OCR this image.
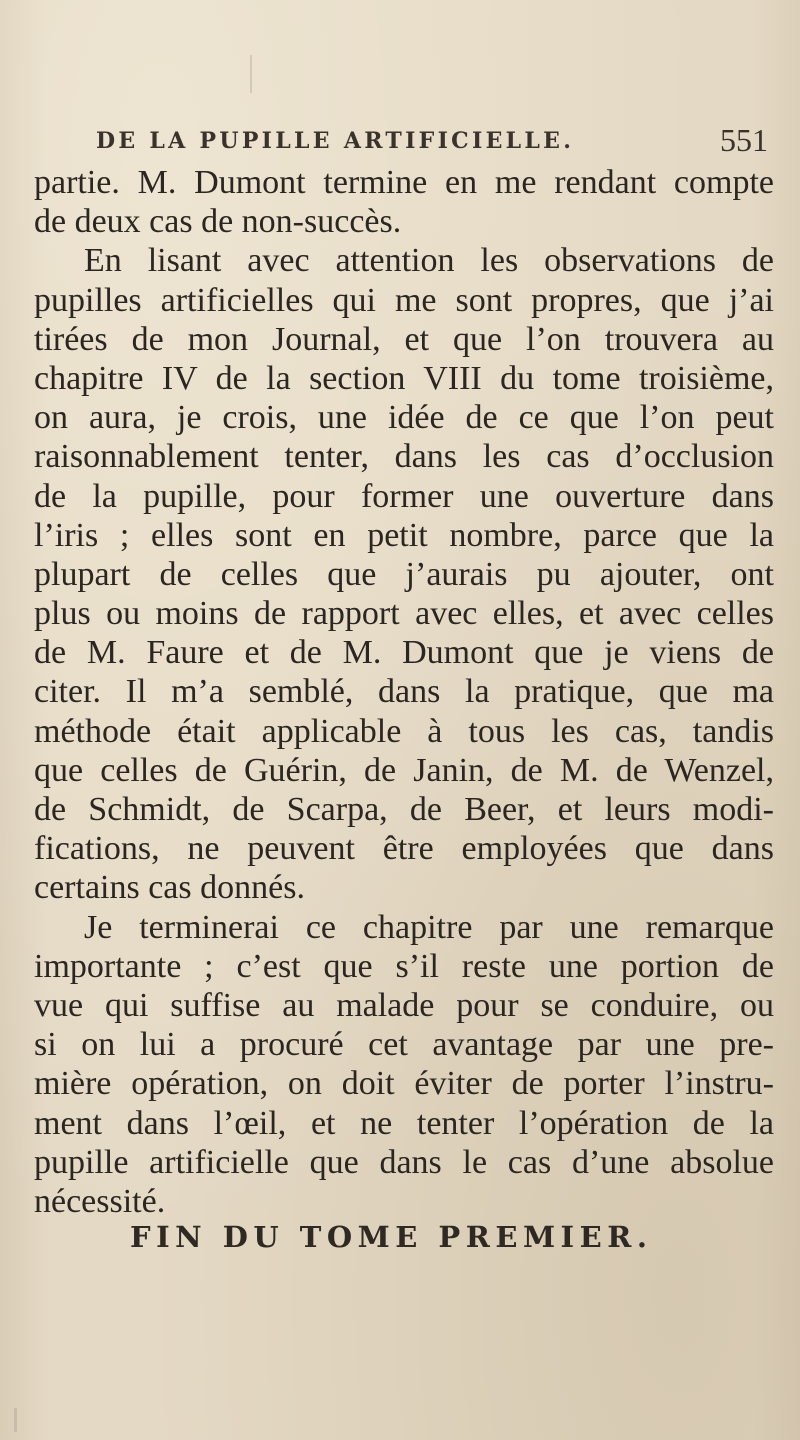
DE LA PUPILLE ARTIFICIELLE.	551
partie. M. Dumont termine en me rendant compte
de deux cas de non-succès.
En lisant avec attention les observations de
pupilles artificielles qui me sont propres, que j’ai
tirées de mon Journal, et que l’on trouvera au
chapitre IV de la section VIII du tome troisième,
on aura, je crois, une idée de ce que l’on peut
raisonnablement tenter, dans les cas d’occlusion
de la pupille, pour former une ouverture dans
l’iris ; elles sont en petit nombre, parce que la
plupart de celles que j’aurais pu ajouter, ont
plus ou moins de rapport avec elles, et avec celles
de M. Faure et de M. Dumont que je viens de
citer. Il m’a semblé, dans la pratique, que ma
méthode était applicable à tous les cas, tandis
que celles de Guérin, de Janin, de M. de Wenzel,
de Schmidt, de Scarpa, de Beer, et leurs modi-
fications, ne peuvent être employées que dans
certains cas donnés.
Je terminerai ce chapitre par une remarque
importante ; c’est que s’il reste une portion de
vue qui suffise au malade pour se conduire, ou
si on lui a procuré cet avantage par une pre-
mière opération, on doit éviter de porter l’instru-
ment dans l’œil, et ne tenter l’opération de la
pupille artificielle que dans le cas d’une absolue
nécessité.
FIN DU TOME PREMIER.
